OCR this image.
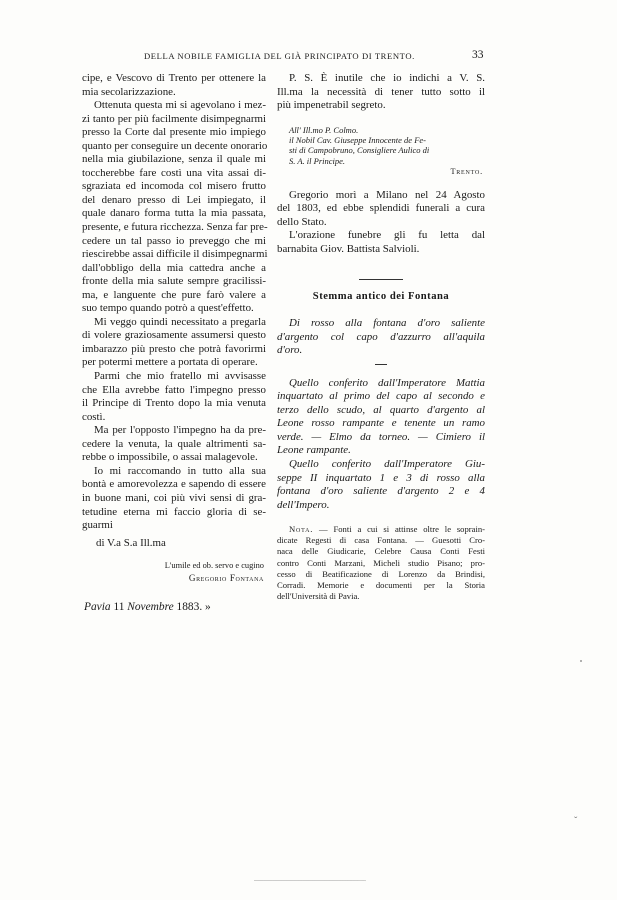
DELLA NOBILE FAMIGLIA DEL GIÀ PRINCIPATO DI TRENTO.	33
cipe, e Vescovo di Trento per ottenere la
mia secolarizzazione.
Ottenuta questa mi si agevolano i mez-
zi tanto per più facilmente disimpegnarmi
presso la Corte dal presente mio impiego
quanto per conseguire un decente onorario
nella mia giubilazione, senza il quale mi
toccherebbe fare costì una vita assai di-
sgraziata ed incomoda col misero frutto
del denaro presso di Lei impiegato, il
quale danaro forma tutta la mia passata,
presente, e futura ricchezza. Senza far pre-
cedere un tal passo io preveggo che mi
riescirebbe assai difficile il disimpegnarmi
dall'obbligo della mia cattedra anche a
fronte della mia salute sempre gracilissi-
ma, e languente che pure farò valere a
suo tempo quando potrò a quest'effetto.
Mi veggo quindi necessitato a pregarla
di volere graziosamente assumersi questo
imbarazzo più presto che potrà favorirmi
per potermi mettere a portata di operare.
Parmi che mio fratello mi avvisasse
che Ella avrebbe fatto l'impegno presso
il Principe di Trento dopo la mia venuta
costì.
Ma per l'opposto l'impegno ha da pre-
cedere la venuta, la quale altrimenti sa-
rebbe o impossibile, o assai malagevole.
Io mi raccomando in tutto alla sua
bontà e amorevolezza e sapendo di essere
in buone mani, coi più vivi sensi di gra-
tetudine eterna mi faccio gloria di se-
guarmi
di V.a S.a Ill.ma
L'umile ed ob. servo e cugino
Gregorio Fontana
Pavia 11 Novembre 1883. »
P. S. È inutile che io indichi a V. S.
Ill.ma la necessità di tener tutto sotto il
più impenetrabil segreto.
All' Ill.mo P. Colmo.
il Nobil Cav. Giuseppe Innocente de Fe-
sti di Campobruno, Consigliere Aulico di
S. A. il Principe.
Trento.
Gregorio morì a Milano nel 24 Agosto
del 1803, ed ebbe splendidi funerali a cura
dello Stato.
L'orazione funebre gli fu letta dal
barnabita Giov. Battista Salvioli.
Stemma antico dei Fontana
Di rosso alla fontana d'oro saliente
d'argento col capo d'azzurro all'aquila
d'oro.
Quello conferito dall'Imperatore Mattia
inquartato al primo del capo al secondo e
terzo dello scudo, al quarto d'argento al
Leone rosso rampante e tenente un ramo
verde. — Elmo da torneo. — Cimiero il
Leone rampante.
Quello conferito dall'Imperatore Giu-
seppe II inquartato 1 e 3 di rosso alla
fontana d'oro saliente d'argento 2 e 4
dell'Impero.
Nota. — Fonti a cui si attinse oltre le soprain-
dicate Regesti di casa Fontana. — Guesotti Cro-
naca delle Giudicarie, Celebre Causa Conti Festi
contro Conti Marzani, Micheli studio Pisano; pro-
cesso di Beatificazione di Lorenzo da Brindisi,
Corradi. Memorie e documenti per la Storia
dell'Università di Pavia.
ˇ
